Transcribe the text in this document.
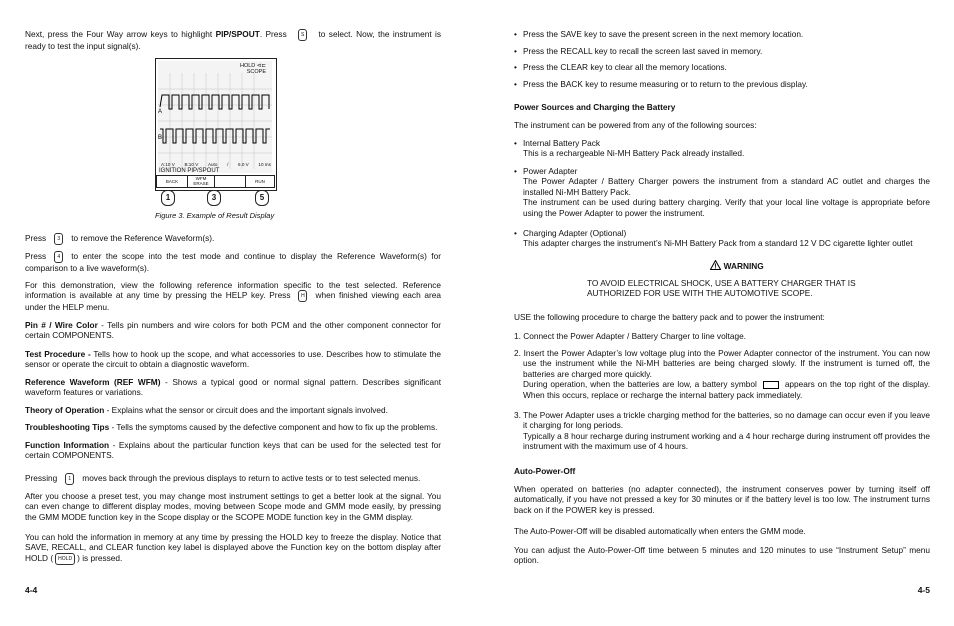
Next, press the Four Way arrow keys to highlight PIP/SPOUT. Press	S to select. Now, the instrument is ready to test the input signal(s).

HOLD ⊲⊏
SCOPE
B
A
A:10 V B:10 V Auto / 6.0 V 10 ms
IGNITION PIP/SPOUT
BACK
WFM ERASE	RUN
1	3	5
Figure 3. Example of Result Display

Press 3 to remove the Reference Waveform(s).

Press 4 to enter the scope into the test mode and continue to display the Reference Waveform(s) for comparison to a live waveform(s).

For this demonstration, view the following reference information specific to the test selected. Reference information is available at any time by pressing the HELP key. Press H when finished viewing each area under the HELP menu.

Pin # / Wire Color - Tells pin numbers and wire colors for both PCM and the other component connector for certain COMPONENTS.

Test Procedure - Tells how to hook up the scope, and what accessories to use. Describes how to stimulate the sensor or operate the circuit to obtain a diagnostic waveform.

Reference Waveform (REF WFM) - Shows a typical good or normal signal pattern. Describes significant waveform features or variations.

Theory of Operation - Explains what the sensor or circuit does and the important signals involved.

Troubleshooting Tips - Tells the symptoms caused by the defective component and how to fix up the problems.

Function Information - Explains about the particular function keys that can be used for the selected test for certain COMPONENTS.

Pressing 1 moves back through the previous displays to return to active tests or to test selected menus.

After you choose a preset test, you may change most instrument settings to get a better look at the signal. You can even change to different display modes, moving between Scope mode and GMM mode easily, by pressing the GMM MODE function key in the Scope display or the SCOPE MODE function key in the GMM display.

You can hold the information in memory at any time by pressing the HOLD key to freeze the display. Notice that SAVE, RECALL, and CLEAR function key label is displayed above the Function key on the bottom display after HOLD ( HOLD ) is pressed.

4-4

• Press the SAVE key to save the present screen in the next memory location.

• Press the RECALL key to recall the screen last saved in memory.

• Press the CLEAR key to clear all the memory locations.

• Press the BACK key to resume measuring or to return to the previous display.

Power Sources and Charging the Battery

The instrument can be powered from any of the following sources:

• Internal Battery Pack
This is a rechargeable Ni-MH Battery Pack already installed.

• Power Adapter
The Power Adapter / Battery Charger powers the instrument from a standard AC outlet and charges the installed Ni-MH Battery Pack.
The instrument can be used during battery charging. Verify that your local line voltage is appropriate before using the Power Adapter to power the instrument.

• Charging Adapter (Optional)
This adapter charges the instrument’s Ni-MH Battery Pack from a standard 12 V DC cigarette lighter outlet

! WARNING
TO AVOID ELECTRICAL SHOCK, USE A BATTERY CHARGER THAT IS AUTHORIZED FOR USE WITH THE AUTOMOTIVE SCOPE.

USE the following procedure to charge the battery pack and to power the instrument:

1. Connect the Power Adapter / Battery Charger to line voltage.

2. Insert the Power Adapter’s low voltage plug into the Power Adapter connector of the instrument. You can now use the instrument while the Ni-MH batteries are being charged slowly. If the instrument is turned off, the batteries are charged more quickly.
During operation, when the batteries are low, a battery symbol	appears on the top right of the display. When this occurs, replace or recharge the internal battery pack immediately.

3. The Power Adapter uses a trickle charging method for the batteries, so no damage can occur even if you leave it charging for long periods.
Typically a 8 hour recharge during instrument working and a 4 hour recharge during instrument off provides the instrument with the maximum use of 4 hours.

Auto-Power-Off

When operated on batteries (no adapter connected), the instrument conserves power by turning itself off automatically, if you have not pressed a key for 30 minutes or if the battery level is too low. The instrument turns back on if the POWER key is pressed.

The Auto-Power-Off will be disabled automatically when enters the GMM mode.

You can adjust the Auto-Power-Off time between 5 minutes and 120 minutes to use “Instrument Setup” menu option.

4-5
